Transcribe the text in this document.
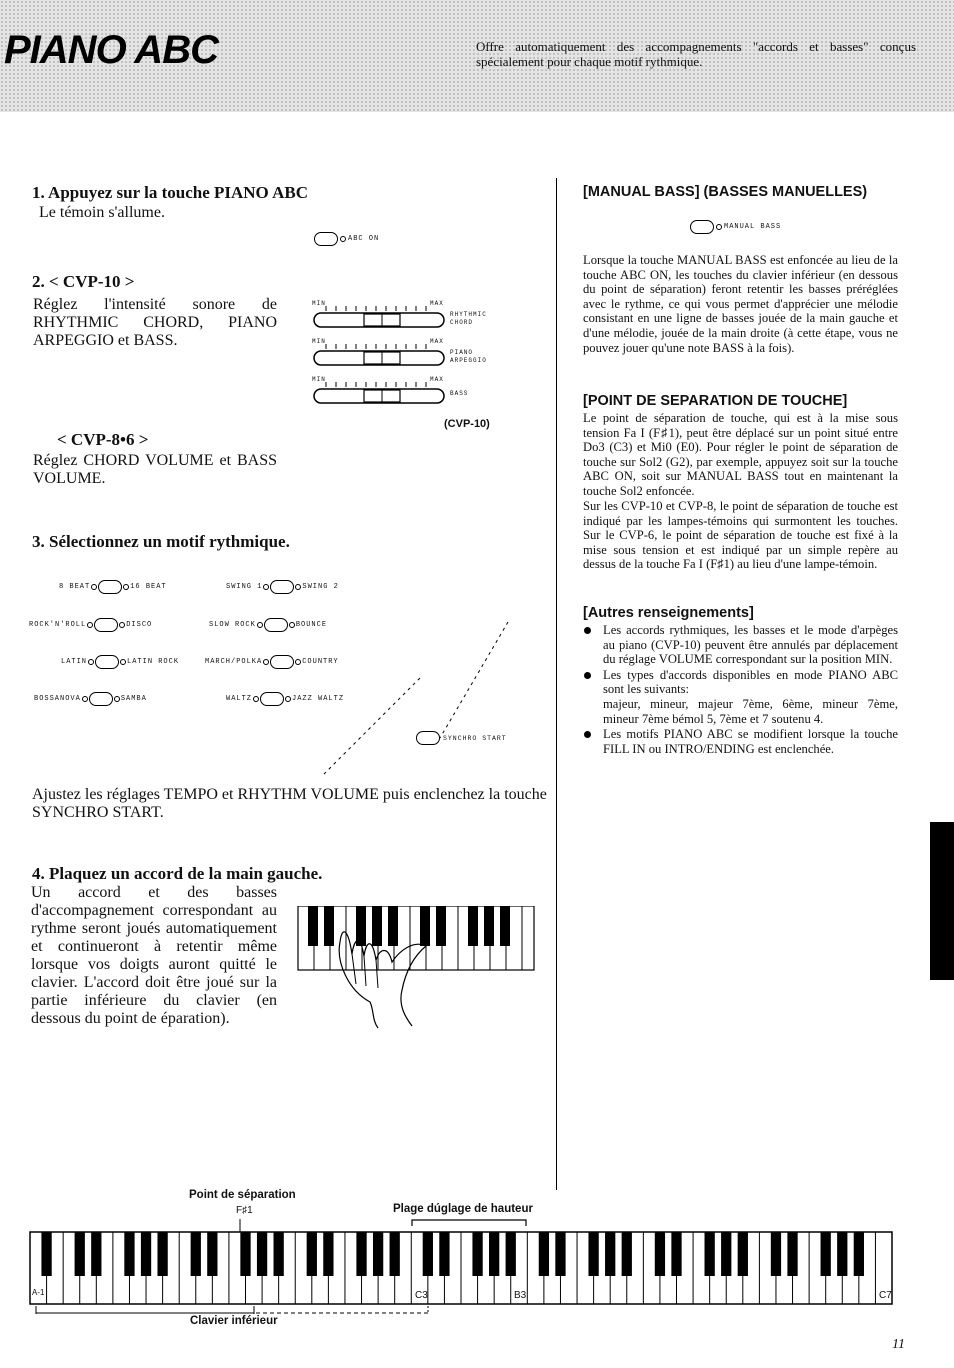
PIANO ABC	Offre automatiquement des accompagnements "accords et basses" conçus spécialement pour chaque motif rythmique.
1. Appuyez sur la touche PIANO ABC
Le témoin s'allume.
ABC ON
2. < CVP-10 >
Réglez l'intensité sonore de RHYTHMIC CHORD, PIANO ARPEGGIO et BASS.
MIN	MAX
RHYTHMIC
CHORD
MIN	MAX
PIANO
ARPEGGIO
MIN	MAX
BASS
(CVP-10)
< CVP-8•6 >
Réglez CHORD VOLUME et BASS VOLUME.
3. Sélectionnez un motif rythmique.
8 BEAT	16 BEAT	SWING 1	SWING 2
ROCK'N'ROLL	DISCO	SLOW ROCK	BOUNCE
LATIN	LATIN ROCK	MARCH/POLKA	COUNTRY
BOSSANOVA	SAMBA	WALTZ	JAZZ WALTZ
SYNCHRO START
Ajustez les réglages TEMPO et RHYTHM VOLUME puis enclenchez la touche SYNCHRO START.
4. Plaquez un accord de la main gauche.
Un accord et des basses d'accompagnement correspondant au rythme seront joués automatiquement et continueront à retentir même lorsque vos doigts auront quitté le clavier. L'accord doit être joué sur la partie inférieure du clavier (en dessous du point de éparation).
[MANUAL BASS] (BASSES MANUELLES)
MANUAL BASS
Lorsque la touche MANUAL BASS est enfoncée au lieu de la touche ABC ON, les touches du clavier inférieur (en dessous du point de séparation) feront retentir les basses préréglées avec le rythme, ce qui vous permet d'apprécier une mélodie consistant en une ligne de basses jouée de la main gauche et d'une mélodie, jouée de la main droite (à cette étape, vous ne pouvez jouer qu'une note BASS à la fois).
[POINT DE SEPARATION DE TOUCHE]
Le point de séparation de touche, qui est à la mise sous tension Fa I (F♯1), peut être déplacé sur un point situé entre Do3 (C3) et Mi0 (E0). Pour régler le point de séparation de touche sur Sol2 (G2), par exemple, appuyez soit sur la touche ABC ON, soit sur MANUAL BASS tout en maintenant la touche Sol2 enfoncée.
Sur les CVP-10 et CVP-8, le point de séparation de touche est indiqué par les lampes-témoins qui surmontent les touches. Sur le CVP-6, le point de séparation de touche est fixé à la mise sous tension et est indiqué par un simple repère au dessus de la touche Fa I (F♯1) au lieu d'une lampe-témoin.
[Autres renseignements]
Les accords rythmiques, les basses et le mode d'arpèges au piano (CVP-10) peuvent être annulés par déplacement du réglage VOLUME correspondant sur la position MIN.
Les types d'accords disponibles en mode PIANO ABC sont les suivants:
majeur, mineur, majeur 7ème, 6ème, mineur 7ème, mineur 7ème bémol 5, 7ème et 7 soutenu 4.
Les motifs PIANO ABC se modifient lorsque la touche FILL IN ou INTRO/ENDING est enclenchée.
Point de séparation
F♯1	Plage dúglage de hauteur
A-1	C3	B3	C7
Clavier inférieur
11
